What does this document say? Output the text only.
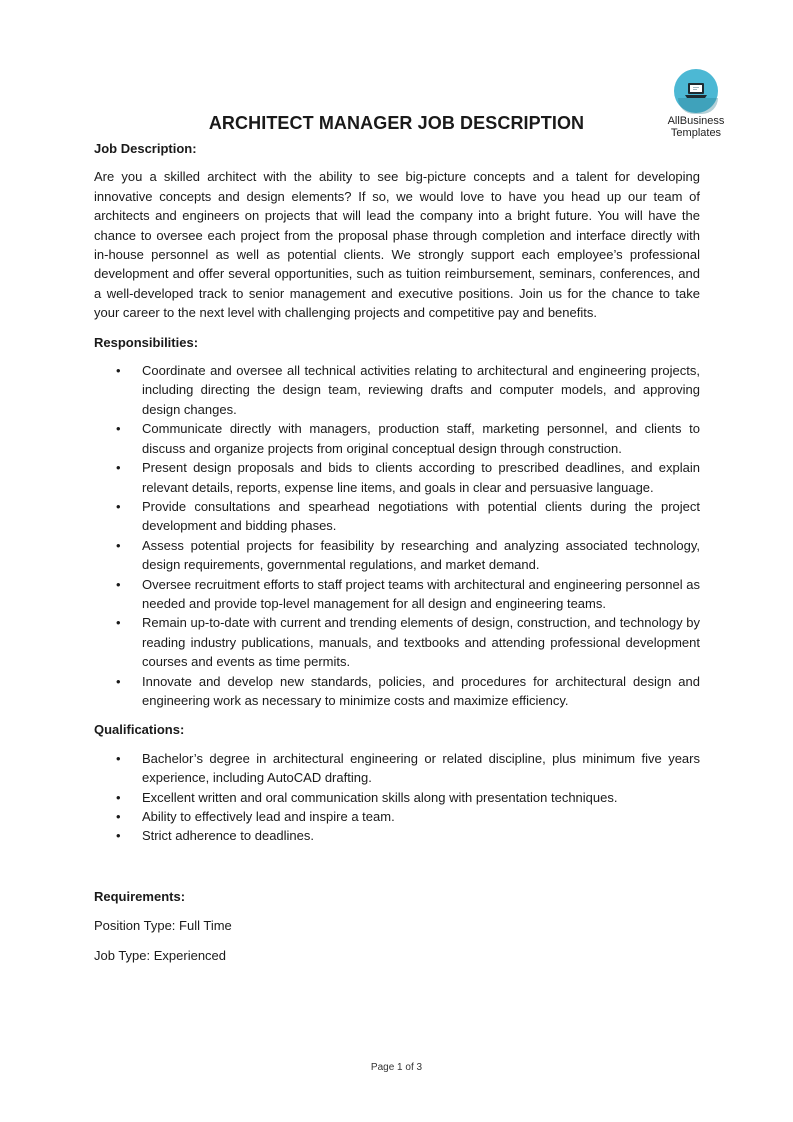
AllBusiness
Templates
ARCHITECT MANAGER JOB DESCRIPTION

Job Description:

Are you a skilled architect with the ability to see big-picture concepts and a talent for developing innovative concepts and design elements? If so, we would love to have you head up our team of architects and engineers on projects that will lead the company into a bright future. You will have the chance to oversee each project from the proposal phase through completion and interface directly with in-house personnel as well as potential clients. We strongly support each employee’s professional development and offer several opportunities, such as tuition reimbursement, seminars, conferences, and a well-developed track to senior management and executive positions. Join us for the chance to take your career to the next level with challenging projects and competitive pay and benefits.

Responsibilities:

• Coordinate and oversee all technical activities relating to architectural and engineering projects, including directing the design team, reviewing drafts and computer models, and approving design changes.
• Communicate directly with managers, production staff, marketing personnel, and clients to discuss and organize projects from original conceptual design through construction.
• Present design proposals and bids to clients according to prescribed deadlines, and explain relevant details, reports, expense line items, and goals in clear and persuasive language.
• Provide consultations and spearhead negotiations with potential clients during the project development and bidding phases.
• Assess potential projects for feasibility by researching and analyzing associated technology, design requirements, governmental regulations, and market demand.
• Oversee recruitment efforts to staff project teams with architectural and engineering personnel as needed and provide top-level management for all design and engineering teams.
• Remain up-to-date with current and trending elements of design, construction, and technology by reading industry publications, manuals, and textbooks and attending professional development courses and events as time permits.
• Innovate and develop new standards, policies, and procedures for architectural design and engineering work as necessary to minimize costs and maximize efficiency.

Qualifications:

• Bachelor’s degree in architectural engineering or related discipline, plus minimum five years experience, including AutoCAD drafting.
• Excellent written and oral communication skills along with presentation techniques.
• Ability to effectively lead and inspire a team.
• Strict adherence to deadlines.

Requirements:

Position Type: Full Time

Job Type: Experienced

Page 1 of 3
